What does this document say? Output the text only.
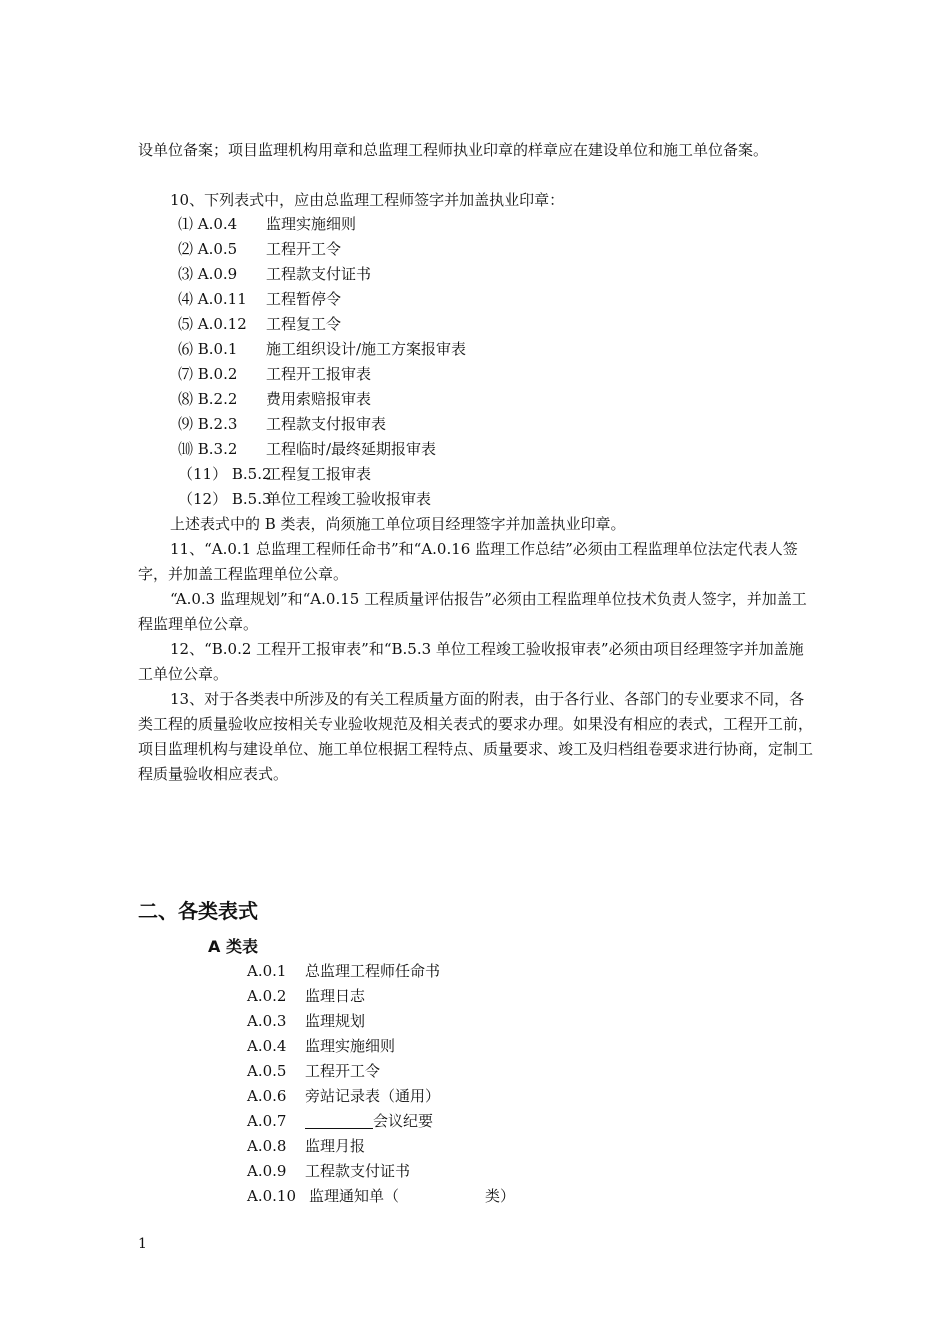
设单位备案；项目监理机构用章和总监理工程师执业印章的样章应在建设单位和施工单位备案。

10、下列表式中，应由总监理工程师签字并加盖执业印章：

⑴ A.0.4 监理实施细则
⑵ A.0.5 工程开工令
⑶ A.0.9 工程款支付证书
⑷ A.0.11 工程暂停令
⑸ A.0.12 工程复工令
⑹ B.0.1 施工组织设计/施工方案报审表
⑺ B.0.2 工程开工报审表
⑻ B.2.2 费用索赔报审表
⑼ B.2.3 工程款支付报审表
⑽ B.3.2 工程临时/最终延期报审表
（11） B.5.2工程复工报审表
（12） B.5.3单位工程竣工验收报审表

上述表式中的 B 类表，尚须施工单位项目经理签字并加盖执业印章。

11、“A.0.1 总监理工程师任命书”和“A.0.16 监理工作总结”必须由工程监理单位法定代表人签字，并加盖工程监理单位公章。

“A.0.3 监理规划”和“A.0.15 工程质量评估报告”必须由工程监理单位技术负责人签字，并加盖工程监理单位公章。

12、“B.0.2 工程开工报审表”和“B.5.3 单位工程竣工验收报审表”必须由项目经理签字并加盖施工单位公章。

13、对于各类表中所涉及的有关工程质量方面的附表，由于各行业、各部门的专业要求不同，各类工程的质量验收应按相关专业验收规范及相关表式的要求办理。如果没有相应的表式，工程开工前，项目监理机构与建设单位、施工单位根据工程特点、质量要求、竣工及归档组卷要求进行协商，定制工程质量验收相应表式。

二、各类表式
A 类表
A.0.1 总监理工程师任命书
A.0.2 监理日志
A.0.3 监理规划
A.0.4 监理实施细则
A.0.5 工程开工令
A.0.6 旁站记录表（通用）
A.0.7	会议纪要
A.0.8 监理月报
A.0.9 工程款支付证书
A.0.10 监理通知单（	类）

1
